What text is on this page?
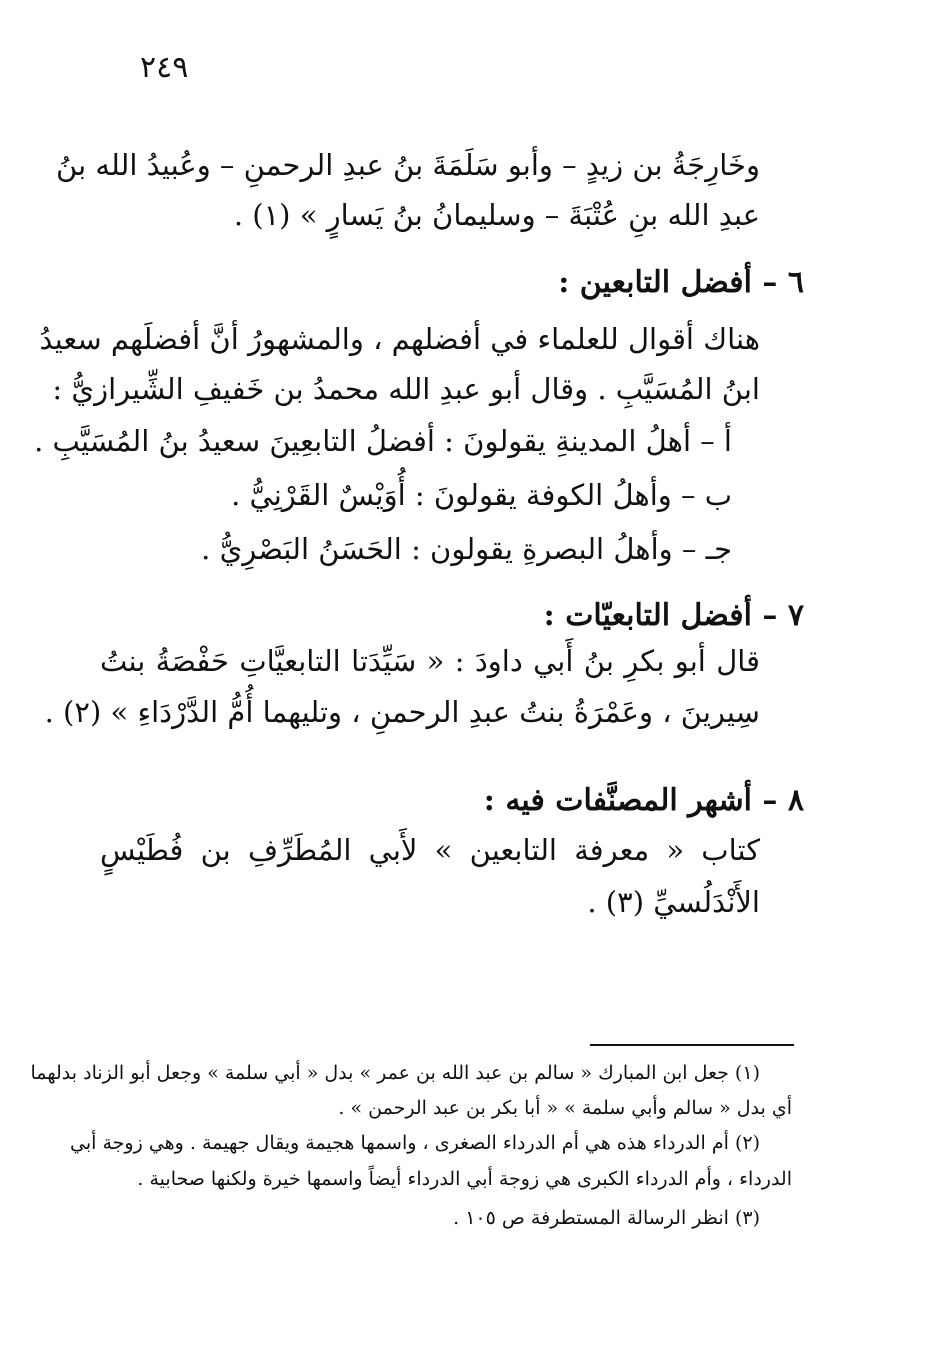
٢٤٩
وخَارِجَةُ بن زيدٍ – وأبو سَلَمَةَ بنُ عبدِ الرحمنِ – وعُبيدُ الله بنُ
عبدِ الله بنِ عُتْبَةَ – وسليمانُ بنُ يَسارٍ » (١) .
٦ – أفضل التابعين :
هناك أقوال للعلماء في أفضلهم ، والمشهورُ أنَّ أفضلَهم سعيدُ
ابنُ المُسَيَّبِ . وقال أبو عبدِ الله محمدُ بن خَفيفِ الشِّيرازيُّ :
أ – أهلُ المدينةِ يقولونَ : أفضلُ التابعِينَ سعيدُ بنُ المُسَيَّبِ .
ب – وأهلُ الكوفة يقولونَ : أُوَيْسٌ القَرْنِيُّ .
جـ – وأهلُ البصرةِ يقولون : الحَسَنُ البَصْرِيُّ .
٧ – أفضل التابعيّات :
قال أبو بكرِ بنُ أَبي داودَ : « سَيِّدَتا التابعيَّاتِ حَفْصَةُ بنتُ
سِيرينَ ، وعَمْرَةُ بنتُ عبدِ الرحمنِ ، وتليهما أُمُّ الدَّرْدَاءِ » (٢) .
٨ – أشهر المصنَّفات فيه :
كتاب « معرفة التابعين » لأَبي المُطَرِّفِ بن فُطَيْسٍ
الأَنْدَلُسيِّ (٣) .
(١) جعل ابن المبارك « سالم بن عبد الله بن عمر » بدل « أبي سلمة » وجعل أبو الزناد بدلهما
أي بدل « سالم وأبي سلمة » « أبا بكر بن عبد الرحمن » .
(٢) أم الدرداء هذه هي أم الدرداء الصغرى ، واسمها هجيمة ويقال جهيمة . وهي زوجة أبي
الدرداء ، وأم الدرداء الكبرى هي زوجة أبي الدرداء أيضاً واسمها خيرة ولكنها صحابية .
(٣) انظر الرسالة المستطرفة ص ١٠٥ .
